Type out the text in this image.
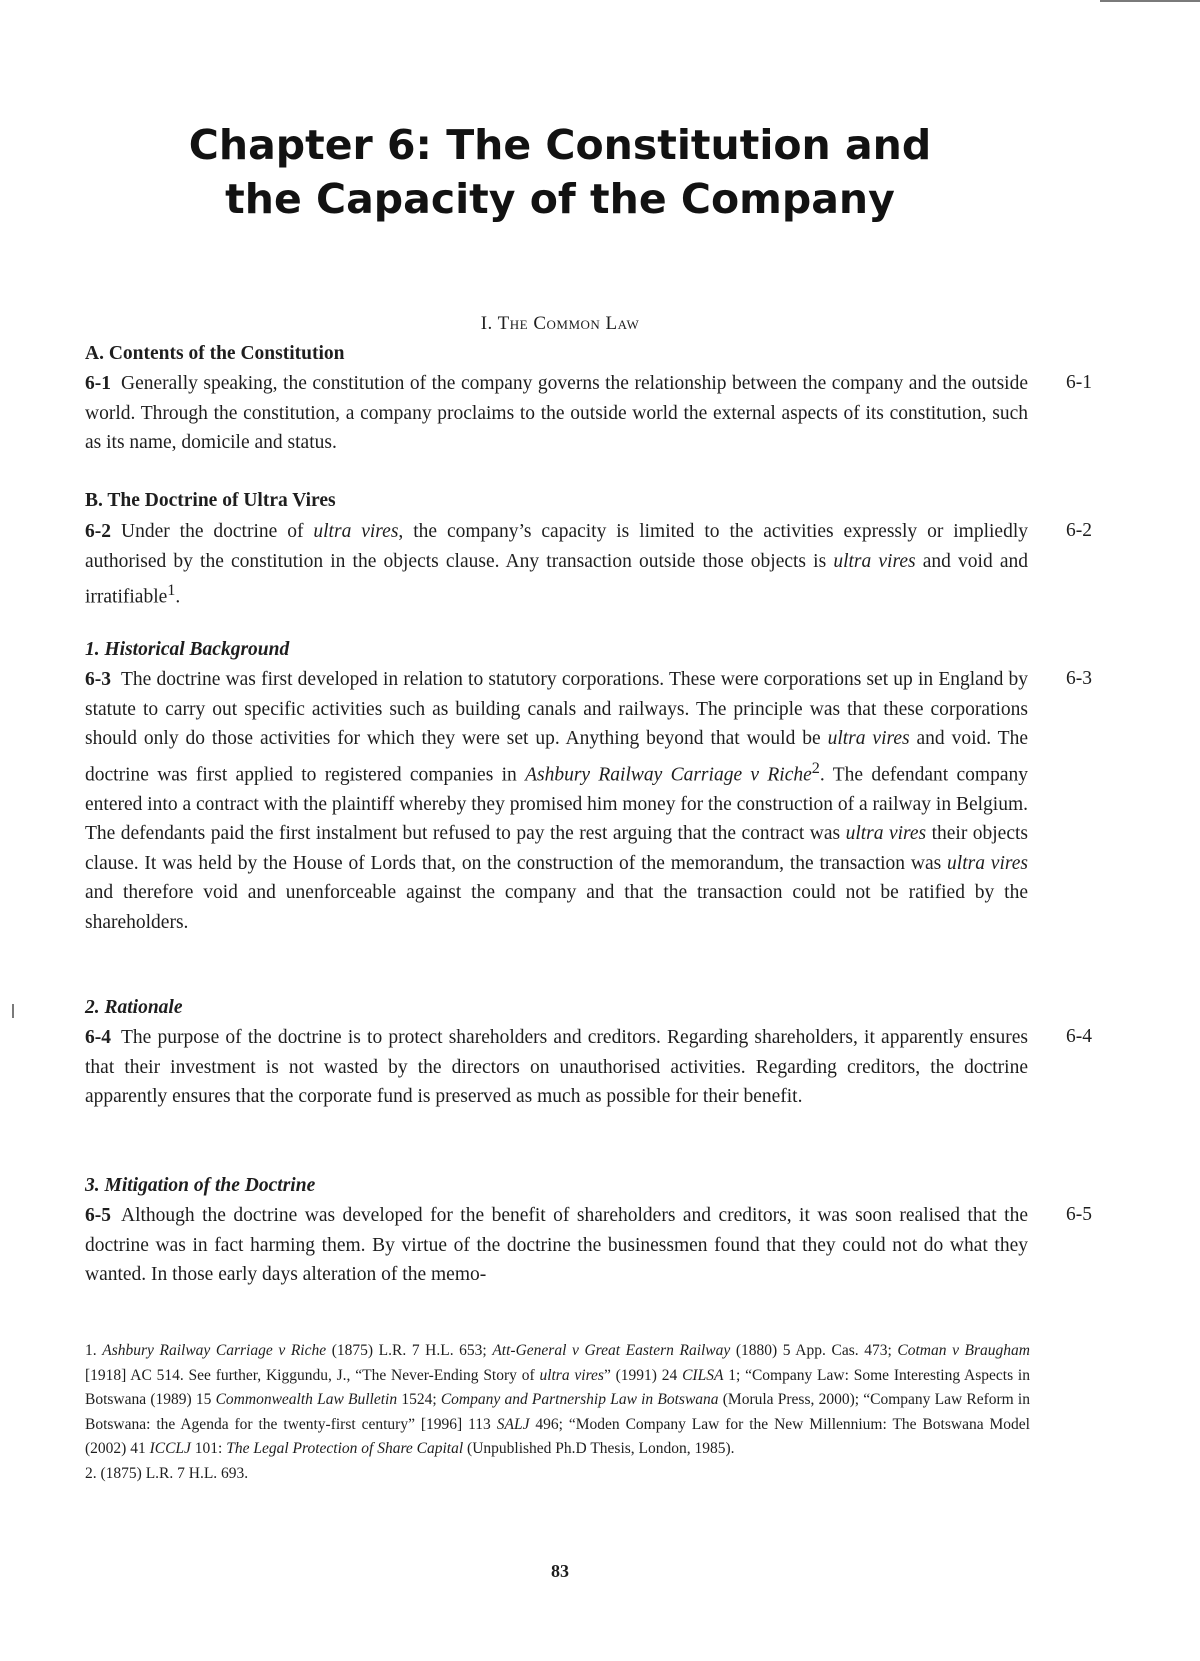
Chapter 6: The Constitution and
the Capacity of the Company
I. The Common Law
A. Contents of the Constitution
6-1 Generally speaking, the constitution of the company governs the relationship between the company and the outside world. Through the constitution, a company proclaims to the outside world the external aspects of its constitution, such as its name, domicile and status.
6-1
B. The Doctrine of Ultra Vires
6-2 Under the doctrine of ultra vires, the company’s capacity is limited to the activities expressly or impliedly authorised by the constitution in the objects clause. Any transaction outside those objects is ultra vires and void and irratifiable$^1$.
6-2
1. Historical Background
6-3 The doctrine was first developed in relation to statutory corporations. These were corporations set up in England by statute to carry out specific activities such as building canals and railways. The principle was that these corporations should only do those activities for which they were set up. Anything beyond that would be ultra vires and void. The doctrine was first applied to registered companies in Ashbury Railway Carriage v Riche$^2$. The defendant company entered into a contract with the plaintiff whereby they promised him money for the construction of a railway in Belgium. The defendants paid the first instalment but refused to pay the rest arguing that the contract was ultra vires their objects clause. It was held by the House of Lords that, on the construction of the memorandum, the transaction was ultra vires and therefore void and unenforceable against the company and that the transaction could not be ratified by the shareholders.
6-3
2. Rationale
6-4 The purpose of the doctrine is to protect shareholders and creditors. Regarding shareholders, it apparently ensures that their investment is not wasted by the directors on unauthorised activities. Regarding creditors, the doctrine apparently ensures that the corporate fund is preserved as much as possible for their benefit.
6-4
3. Mitigation of the Doctrine
6-5 Although the doctrine was developed for the benefit of shareholders and creditors, it was soon realised that the doctrine was in fact harming them. By virtue of the doctrine the businessmen found that they could not do what they wanted. In those early days alteration of the memo-
6-5

1. Ashbury Railway Carriage v Riche (1875) L.R. 7 H.L. 653; Att-General v Great Eastern Railway (1880) 5 App. Cas. 473; Cotman v Braugham [1918] AC 514. See further, Kiggundu, J., “The Never-Ending Story of ultra vires” (1991) 24 CILSA 1; “Company Law: Some Interesting Aspects in Botswana (1989) 15 Commonwealth Law Bulletin 1524; Company and Partnership Law in Botswana (Morula Press, 2000); “Company Law Reform in Botswana: the Agenda for the twenty-first century” [1996] 113 SALJ 496; “Moden Company Law for the New Millennium: The Botswana Model (2002) 41 ICCLJ 101: The Legal Protection of Share Capital (Unpublished Ph.D Thesis, London, 1985).

2. (1875) L.R. 7 H.L. 693.

83
